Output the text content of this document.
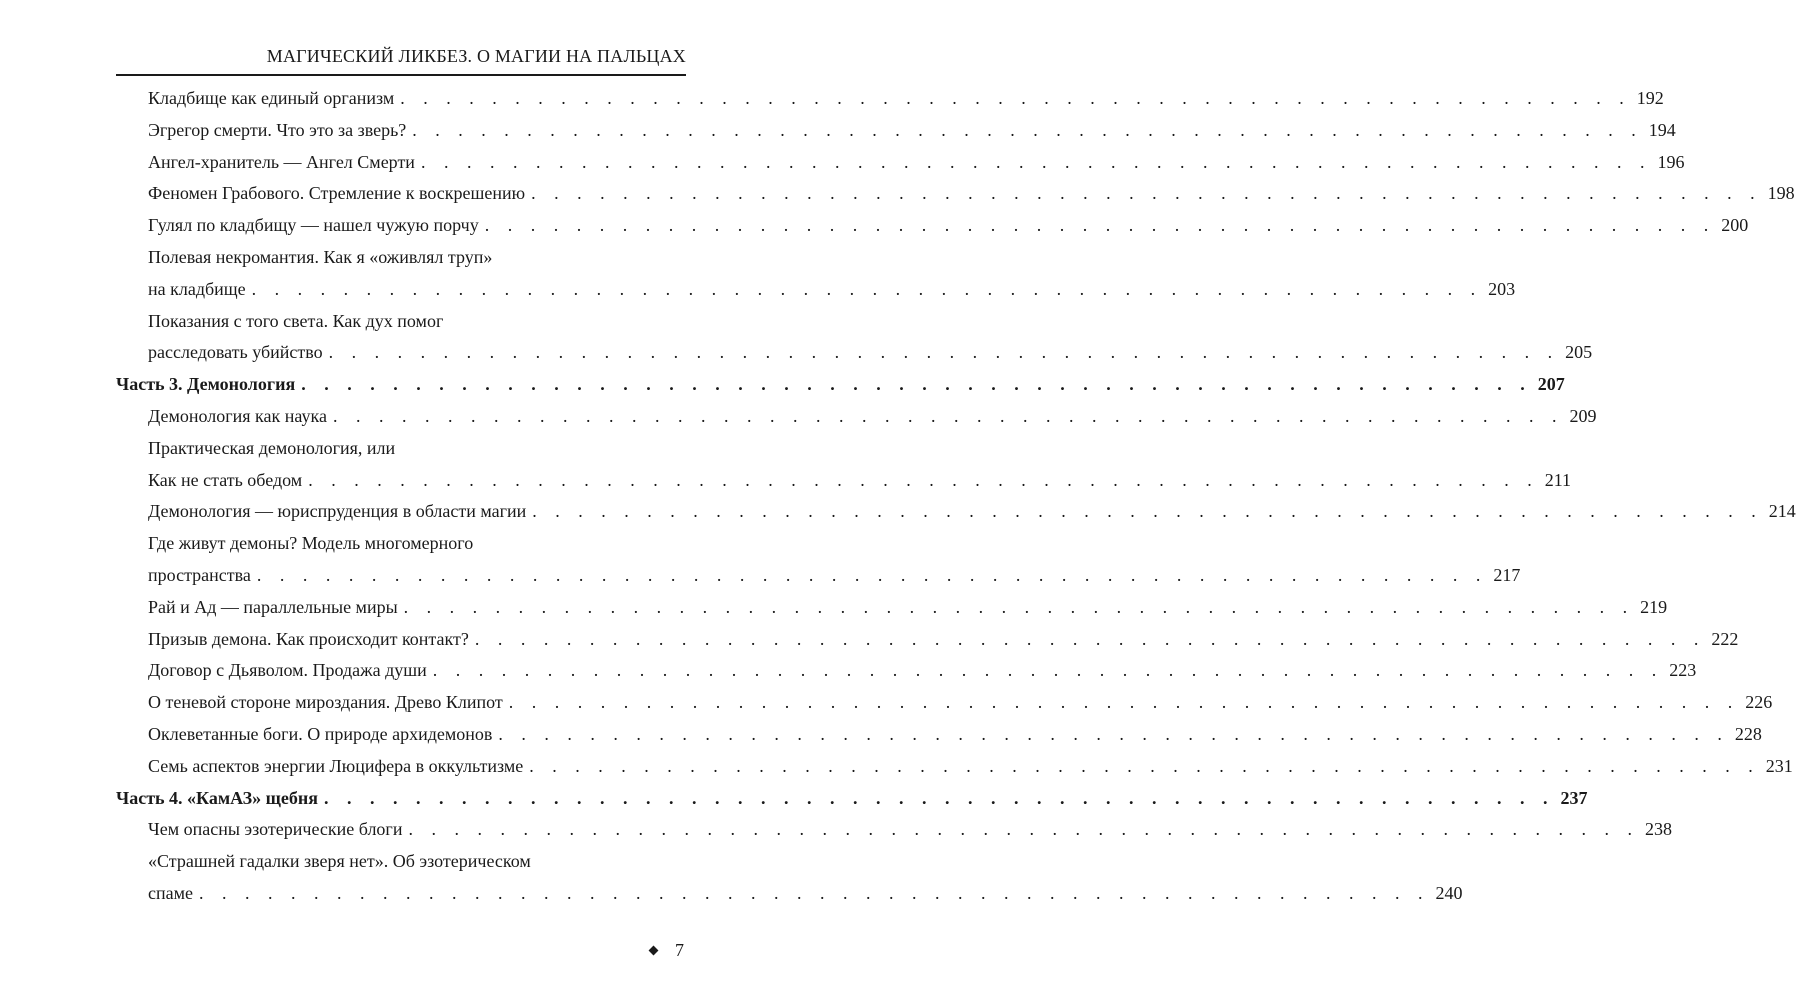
МАГИЧЕСКИЙ ЛИКБЕЗ. О МАГИИ НА ПАЛЬЦАХ
Кладбище как единый организм . . . . . . . . . . . . . . . . . . . . . . . . . . . . . . . . . . . . . . . . . . . . . . . . . . . . . . 192
Эгрегор смерти. Что это за зверь? . . . . . . . . . . . . . . . . . . . . . . . . . . . . . . . . . . . . . . . . . . . . . . . . . . . . . . 194
Ангел-хранитель — Ангел Смерти . . . . . . . . . . . . . . . . . . . . . . . . . . . . . . . . . . . . . . . . . . . . . . . . . . . . . . 196
Феномен Грабового. Стремление к воскрешению . . . . . . . . . . . . . . . . . . . . . . . . . . . . . . . . . . . . . . . . . . . . . . . . . . . . . . 198
Гулял по кладбищу — нашел чужую порчу . . . . . . . . . . . . . . . . . . . . . . . . . . . . . . . . . . . . . . . . . . . . . . . . . . . . . . 200
Полевая некромантия. Как я «оживлял труп»
на кладбище . . . . . . . . . . . . . . . . . . . . . . . . . . . . . . . . . . . . . . . . . . . . . . . . . . . . . . 203
Показания с того света. Как дух помог
расследовать убийство . . . . . . . . . . . . . . . . . . . . . . . . . . . . . . . . . . . . . . . . . . . . . . . . . . . . . . 205
Часть 3. Демонология . . . . . . . . . . . . . . . . . . . . . . . . . . . . . . . . . . . . . . . . . . . . . . . . . . . . . . 207
Демонология как наука . . . . . . . . . . . . . . . . . . . . . . . . . . . . . . . . . . . . . . . . . . . . . . . . . . . . . . 209
Практическая демонология, или
Как не стать обедом . . . . . . . . . . . . . . . . . . . . . . . . . . . . . . . . . . . . . . . . . . . . . . . . . . . . . . 211
Демонология — юриспруденция в области магии . . . . . . . . . . . . . . . . . . . . . . . . . . . . . . . . . . . . . . . . . . . . . . . . . . . . . . 214
Где живут демоны? Модель многомерного
пространства . . . . . . . . . . . . . . . . . . . . . . . . . . . . . . . . . . . . . . . . . . . . . . . . . . . . . . 217
Рай и Ад — параллельные миры . . . . . . . . . . . . . . . . . . . . . . . . . . . . . . . . . . . . . . . . . . . . . . . . . . . . . . 219
Призыв демона. Как происходит контакт? . . . . . . . . . . . . . . . . . . . . . . . . . . . . . . . . . . . . . . . . . . . . . . . . . . . . . . 222
Договор с Дьяволом. Продажа души . . . . . . . . . . . . . . . . . . . . . . . . . . . . . . . . . . . . . . . . . . . . . . . . . . . . . . 223
О теневой стороне мироздания. Древо Клипот . . . . . . . . . . . . . . . . . . . . . . . . . . . . . . . . . . . . . . . . . . . . . . . . . . . . . . 226
Оклеветанные боги. О природе архидемонов . . . . . . . . . . . . . . . . . . . . . . . . . . . . . . . . . . . . . . . . . . . . . . . . . . . . . . 228
Семь аспектов энергии Люцифера в оккультизме . . . . . . . . . . . . . . . . . . . . . . . . . . . . . . . . . . . . . . . . . . . . . . . . . . . . . . 231
Часть 4. «КамАЗ» щебня . . . . . . . . . . . . . . . . . . . . . . . . . . . . . . . . . . . . . . . . . . . . . . . . . . . . . . 237
Чем опасны эзотерические блоги . . . . . . . . . . . . . . . . . . . . . . . . . . . . . . . . . . . . . . . . . . . . . . . . . . . . . . 238
«Страшней гадалки зверя нет». Об эзотерическом
спаме . . . . . . . . . . . . . . . . . . . . . . . . . . . . . . . . . . . . . . . . . . . . . . . . . . . . . . 240
7
